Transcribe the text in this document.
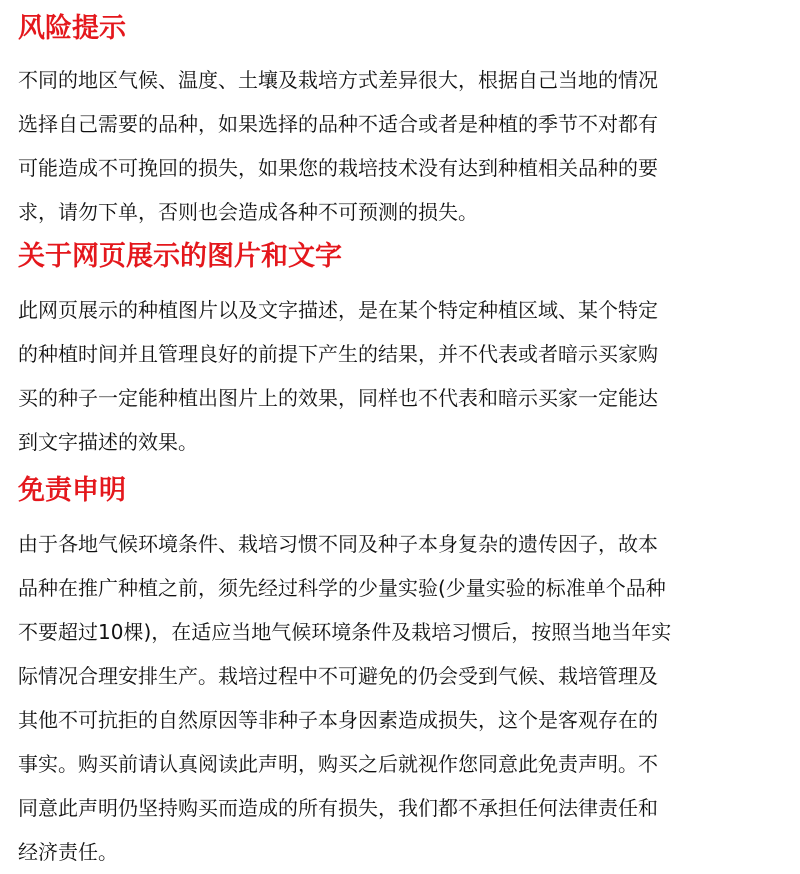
风险提示
不同的地区气候、温度、土壤及栽培方式差异很大，根据自己当地的情况
选择自己需要的品种，如果选择的品种不适合或者是种植的季节不对都有
可能造成不可挽回的损失，如果您的栽培技术没有达到种植相关品种的要
求，请勿下单，否则也会造成各种不可预测的损失。
关于网页展示的图片和文字
此网页展示的种植图片以及文字描述，是在某个特定种植区域、某个特定
的种植时间并且管理良好的前提下产生的结果，并不代表或者暗示买家购
买的种子一定能种植出图片上的效果，同样也不代表和暗示买家一定能达
到文字描述的效果。
免责申明
由于各地气候环境条件、栽培习惯不同及种子本身复杂的遗传因子，故本
品种在推广种植之前，须先经过科学的少量实验(少量实验的标准单个品种
不要超过10棵)，在适应当地气候环境条件及栽培习惯后，按照当地当年实
际情况合理安排生产。栽培过程中不可避免的仍会受到气候、栽培管理及
其他不可抗拒的自然原因等非种子本身因素造成损失，这个是客观存在的
事实。购买前请认真阅读此声明，购买之后就视作您同意此免责声明。不
同意此声明仍坚持购买而造成的所有损失，我们都不承担任何法律责任和
经济责任。
